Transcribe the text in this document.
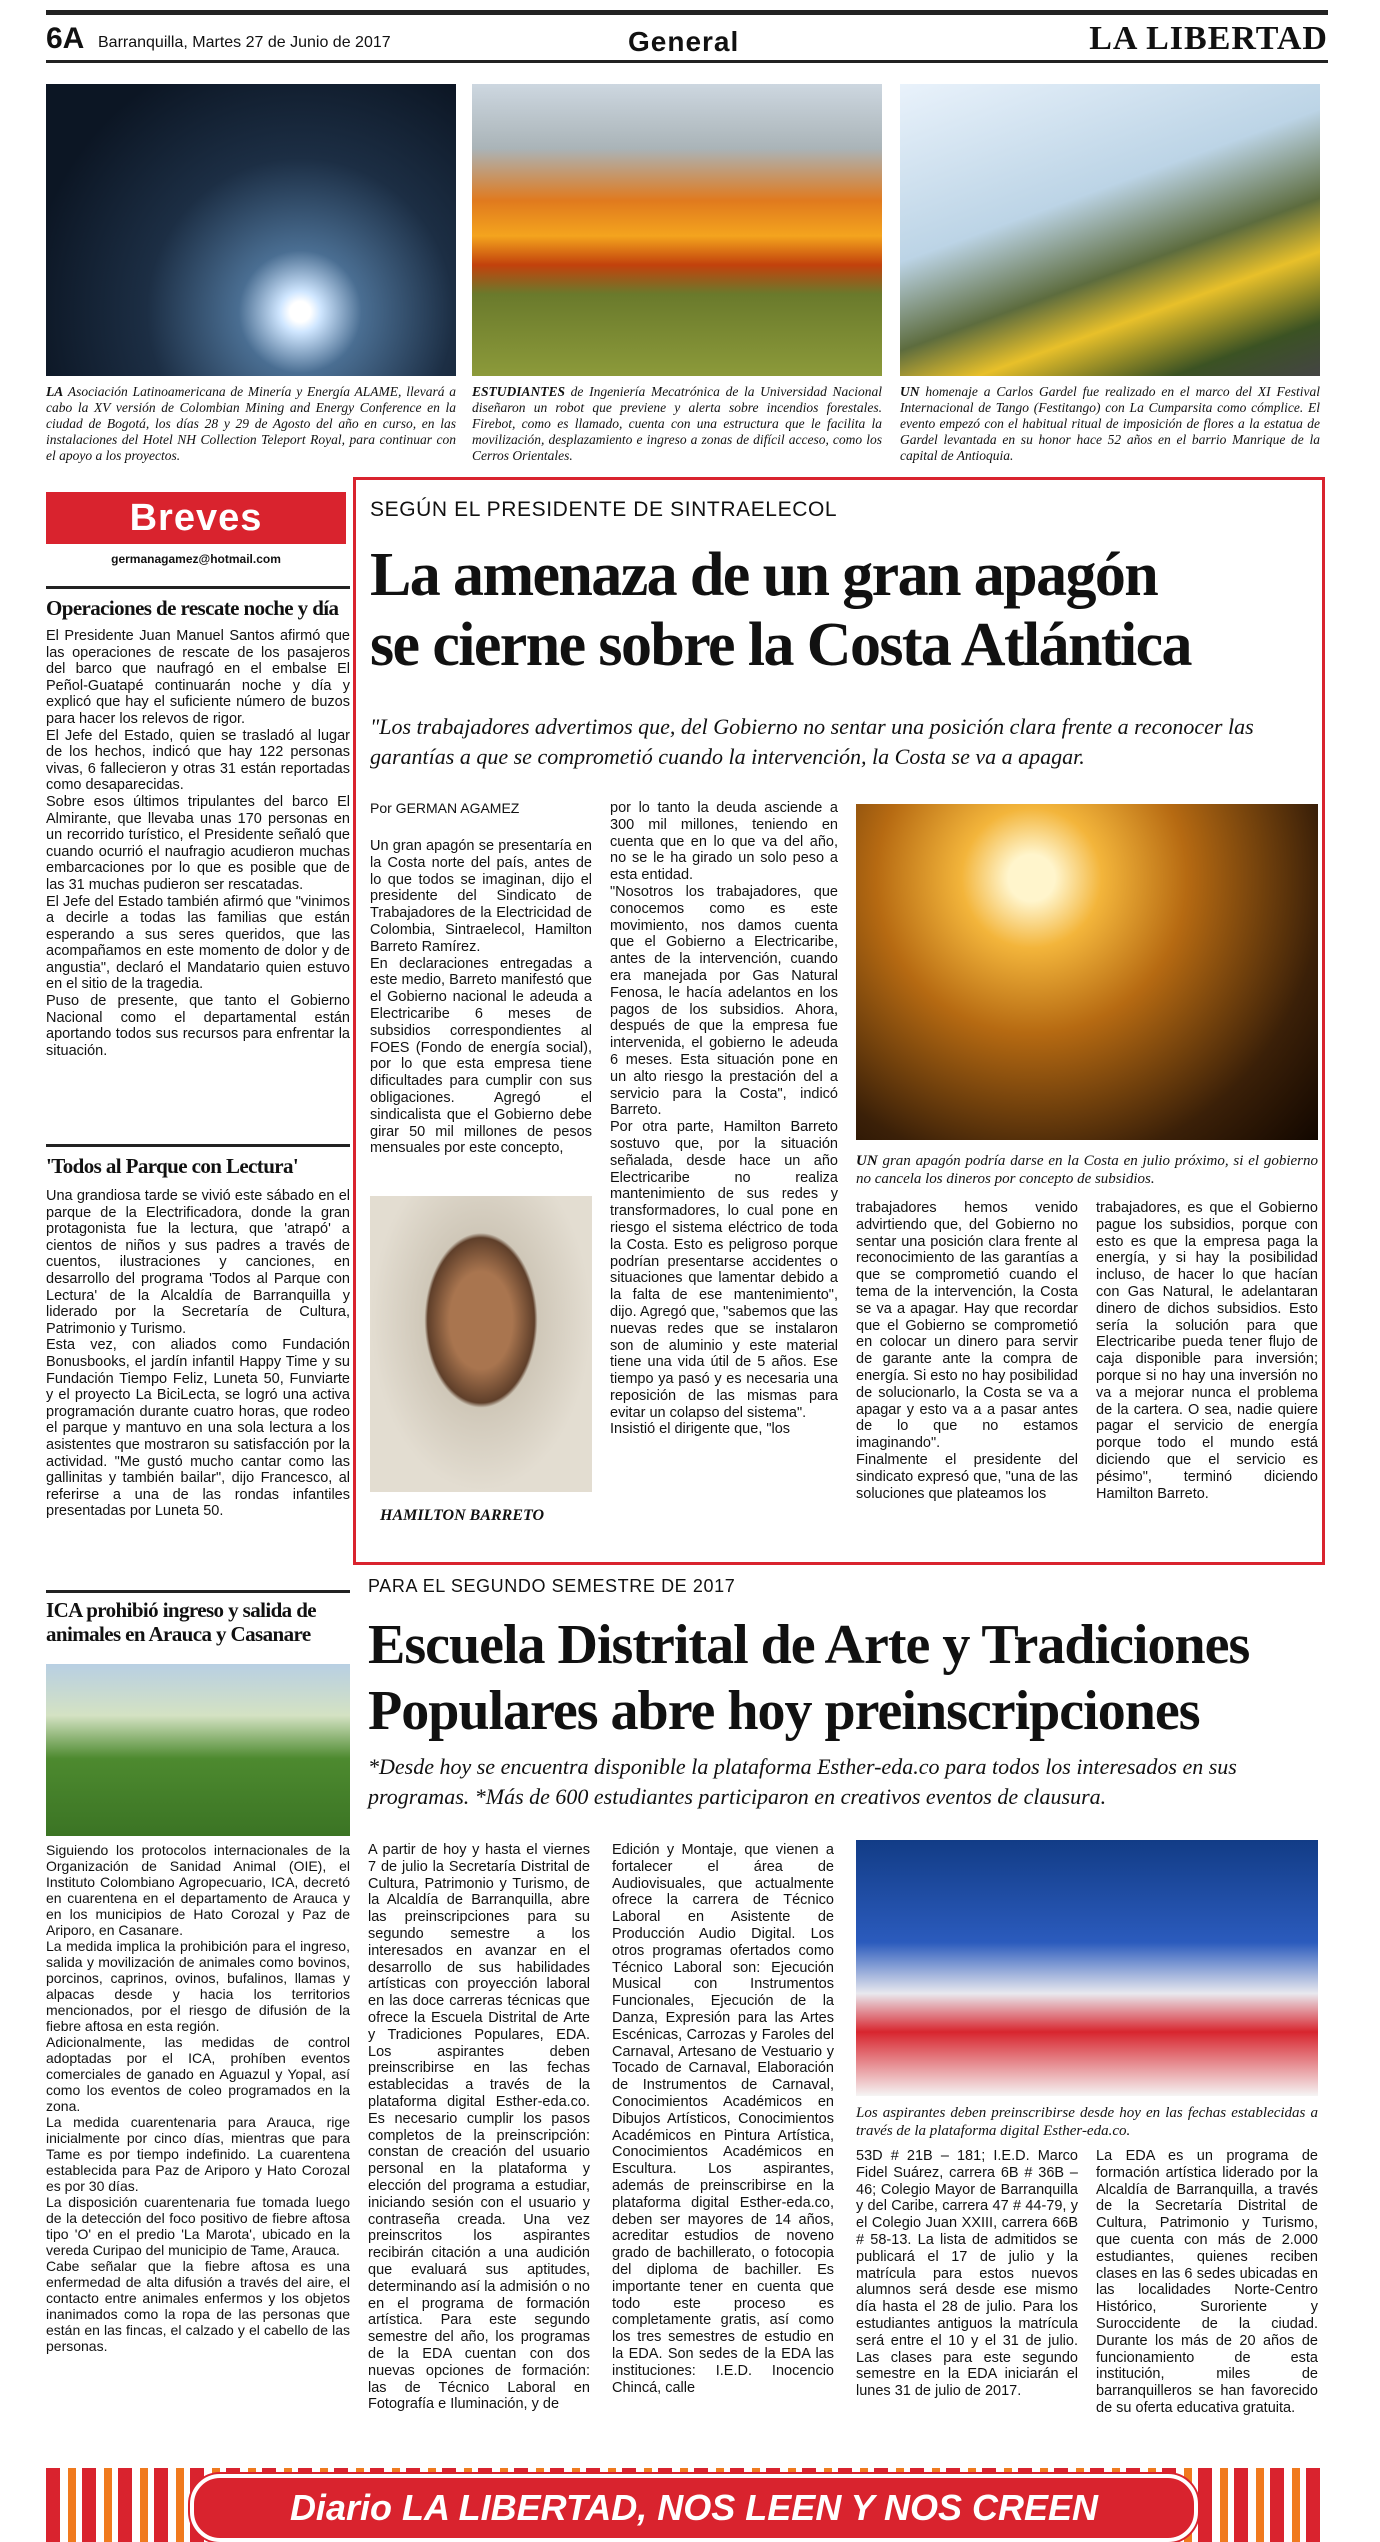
6A Barranquilla, Martes 27 de Junio de 2017	General	LA LIBERTAD
LA Asociación Latinoamericana de Minería y Energía ALAME, llevará a cabo la XV versión de Colombian Mining and Energy Conference en la ciudad de Bogotá, los días 28 y 29 de Agosto del año en curso, en las instalaciones del Hotel NH Collection Teleport Royal, para continuar con el apoyo a los proyectos.
ESTUDIANTES de Ingeniería Mecatrónica de la Universidad Nacional diseñaron un robot que previene y alerta sobre incendios forestales. Firebot, como es llamado, cuenta con una estructura que le facilita la movilización, desplazamiento e ingreso a zonas de difícil acceso, como los Cerros Orientales.
UN homenaje a Carlos Gardel fue realizado en el marco del XI Festival Internacional de Tango (Festitango) con La Cumparsita como cómplice. El evento empezó con el habitual ritual de imposición de flores a la estatua de Gardel levantada en su honor hace 52 años en el barrio Manrique de la capital de Antioquia.
Breves
germanagamez@hotmail.com
Operaciones de rescate noche y día
El Presidente Juan Manuel Santos afirmó que las operaciones de rescate de los pasajeros del barco que naufragó en el embalse El Peñol-Guatapé continuarán noche y día y explicó que hay el suficiente número de buzos para hacer los relevos de rigor.
El Jefe del Estado, quien se trasladó al lugar de los hechos, indicó que hay 122 personas vivas, 6 fallecieron y otras 31 están reportadas como desaparecidas.
Sobre esos últimos tripulantes del barco El Almirante, que llevaba unas 170 personas en un recorrido turístico, el Presidente señaló que cuando ocurrió el naufragio acudieron muchas embarcaciones por lo que es posible que de las 31 muchas pudieron ser rescatadas.
El Jefe del Estado también afirmó que "vinimos a decirle a todas las familias que están esperando a sus seres queridos, que las acompañamos en este momento de dolor y de angustia", declaró el Mandatario quien estuvo en el sitio de la tragedia.
Puso de presente, que tanto el Gobierno Nacional como el departamental están aportando todos sus recursos para enfrentar la situación.
'Todos al Parque con Lectura'
Una grandiosa tarde se vivió este sábado en el parque de la Electrificadora, donde la gran protagonista fue la lectura, que 'atrapó' a cientos de niños y sus padres a través de cuentos, ilustraciones y canciones, en desarrollo del programa 'Todos al Parque con Lectura' de la Alcaldía de Barranquilla y liderado por la Secretaría de Cultura, Patrimonio y Turismo.
Esta vez, con aliados como Fundación Bonusbooks, el jardín infantil Happy Time y su Fundación Tiempo Feliz, Luneta 50, Funviarte y el proyecto La BiciLecta, se logró una activa programación durante cuatro horas, que rodeo el parque y mantuvo en una sola lectura a los asistentes que mostraron su satisfacción por la actividad. "Me gustó mucho cantar como las gallinitas y también bailar", dijo Francesco, al referirse a una de las rondas infantiles presentadas por Luneta 50.
ICA prohibió ingreso y salida de animales en Arauca y Casanare
Siguiendo los protocolos internacionales de la Organización de Sanidad Animal (OIE), el Instituto Colombiano Agropecuario, ICA, decretó en cuarentena en el departamento de Arauca y en los municipios de Hato Corozal y Paz de Ariporo, en Casanare.
La medida implica la prohibición para el ingreso, salida y movilización de animales como bovinos, porcinos, caprinos, ovinos, bufalinos, llamas y alpacas desde y hacia los territorios mencionados, por el riesgo de difusión de la fiebre aftosa en esta región.
Adicionalmente, las medidas de control adoptadas por el ICA, prohíben eventos comerciales de ganado en Aguazul y Yopal, así como los eventos de coleo programados en la zona.
La medida cuarentenaria para Arauca, rige inicialmente por cinco días, mientras que para Tame es por tiempo indefinido. La cuarentena establecida para Paz de Ariporo y Hato Corozal es por 30 días.
La disposición cuarentenaria fue tomada luego de la detección del foco positivo de fiebre aftosa tipo 'O' en el predio 'La Marota', ubicado en la vereda Curipao del municipio de Tame, Arauca.
Cabe señalar que la fiebre aftosa es una enfermedad de alta difusión a través del aire, el contacto entre animales enfermos y los objetos inanimados como la ropa de las personas que están en las fincas, el calzado y el cabello de las personas.
SEGÚN EL PRESIDENTE DE SINTRAELECOL
La amenaza de un gran apagón
se cierne sobre la Costa Atlántica
"Los trabajadores advertimos que, del Gobierno no sentar una posición clara frente a reconocer las garantías a que se comprometió cuando la intervención, la Costa se va a apagar.
Por GERMAN AGAMEZ
Un gran apagón se presentaría en la Costa norte del país, antes de lo que todos se imaginan, dijo el presidente del Sindicato de Trabajadores de la Electricidad de Colombia, Sintraelecol, Hamilton Barreto Ramírez.
En declaraciones entregadas a este medio, Barreto manifestó que el Gobierno nacional le adeuda a Electricaribe 6 meses de subsidios correspondientes al FOES (Fondo de energía social), por lo que esta empresa tiene dificultades para cumplir con sus obligaciones. Agregó el sindicalista que el Gobierno debe girar 50 mil millones de pesos mensuales por este concepto,
HAMILTON BARRETO
por lo tanto la deuda asciende a 300 mil millones, teniendo en cuenta que en lo que va del año, no se le ha girado un solo peso a esta entidad.
"Nosotros los trabajadores, que conocemos como es este movimiento, nos damos cuenta que el Gobierno a Electricaribe, antes de la intervención, cuando era manejada por Gas Natural Fenosa, le hacía adelantos en los pagos de los subsidios. Ahora, después de que la empresa fue intervenida, el gobierno le adeuda 6 meses. Esta situación pone en un alto riesgo la prestación del a servicio para la Costa", indicó Barreto.
Por otra parte, Hamilton Barreto sostuvo que, por la situación señalada, desde hace un año Electricaribe no realiza mantenimiento de sus redes y transformadores, lo cual pone en riesgo el sistema eléctrico de toda la Costa. Esto es peligroso porque podrían presentarse accidentes o situaciones que lamentar debido a la falta de ese mantenimiento", dijo. Agregó que, "sabemos que las nuevas redes que se instalaron son de aluminio y este material tiene una vida útil de 5 años. Ese tiempo ya pasó y es necesaria una reposición de las mismas para evitar un colapso del sistema".
Insistió el dirigente que, "los
UN gran apagón podría darse en la Costa en julio próximo, si el gobierno no cancela los dineros por concepto de subsidios.
trabajadores hemos venido advirtiendo que, del Gobierno no sentar una posición clara frente al reconocimiento de las garantías a que se comprometió cuando el tema de la intervención, la Costa se va a apagar. Hay que recordar que el Gobierno se comprometió en colocar un dinero para servir de garante ante la compra de energía. Si esto no hay posibilidad de solucionarlo, la Costa se va a apagar y esto va a a pasar antes de lo que no estamos imaginando".
Finalmente el presidente del sindicato expresó que, "una de las soluciones que plateamos los
trabajadores, es que el Gobierno pague los subsidios, porque con esto es que la empresa paga la energía, y si hay la posibilidad incluso, de hacer lo que hacían con Gas Natural, le adelantaran dinero de dichos subsidios. Esto sería la solución para que Electricaribe pueda tener flujo de caja disponible para inversión; porque si no hay una inversión no va a mejorar nunca el problema de la cartera. O sea, nadie quiere pagar el servicio de energía porque todo el mundo está diciendo que el servicio es pésimo", terminó diciendo Hamilton Barreto.
PARA EL SEGUNDO SEMESTRE DE 2017
Escuela Distrital de Arte y Tradiciones
Populares abre hoy preinscripciones
*Desde hoy se encuentra disponible la plataforma Esther-eda.co para todos los interesados en sus programas. *Más de 600 estudiantes participaron en creativos eventos de clausura.
A partir de hoy y hasta el viernes 7 de julio la Secretaría Distrital de Cultura, Patrimonio y Turismo, de la Alcaldía de Barranquilla, abre las preinscripciones para su segundo semestre a los interesados en avanzar en el desarrollo de sus habilidades artísticas con proyección laboral en las doce carreras técnicas que ofrece la Escuela Distrital de Arte y Tradiciones Populares, EDA. Los aspirantes deben preinscribirse en las fechas establecidas a través de la plataforma digital Esther-eda.co. Es necesario cumplir los pasos completos de la preinscripción: constan de creación del usuario personal en la plataforma y elección del programa a estudiar, iniciando sesión con el usuario y contraseña creada. Una vez preinscritos los aspirantes recibirán citación a una audición que evaluará sus aptitudes, determinando así la admisión o no en el programa de formación artística. Para este segundo semestre del año, los programas de la EDA cuentan con dos nuevas opciones de formación: las de Técnico Laboral en Fotografía e Iluminación, y de
Edición y Montaje, que vienen a fortalecer el área de Audiovisuales, que actualmente ofrece la carrera de Técnico Laboral en Asistente de Producción Audio Digital. Los otros programas ofertados como Técnico Laboral son: Ejecución Musical con Instrumentos Funcionales, Ejecución de la Danza, Expresión para las Artes Escénicas, Carrozas y Faroles del Carnaval, Artesano de Vestuario y Tocado de Carnaval, Elaboración de Instrumentos de Carnaval, Conocimientos Académicos en Dibujos Artísticos, Conocimientos Académicos en Pintura Artística, Conocimientos Académicos en Escultura. Los aspirantes, además de preinscribirse en la plataforma digital Esther-eda.co, deben ser mayores de 14 años, acreditar estudios de noveno grado de bachillerato, o fotocopia del diploma de bachiller. Es importante tener en cuenta que todo este proceso es completamente gratis, así como los tres semestres de estudio en la EDA. Son sedes de la EDA las instituciones: I.E.D. Inocencio Chincá, calle
Los aspirantes deben preinscribirse desde hoy en las fechas establecidas a través de la plataforma digital Esther-eda.co.
53D # 21B – 181; I.E.D. Marco Fidel Suárez, carrera 6B # 36B – 46; Colegio Mayor de Barranquilla y del Caribe, carrera 47 # 44-79, y el Colegio Juan XXIII, carrera 66B # 58-13. La lista de admitidos se publicará el 17 de julio y la matrícula para estos nuevos alumnos será desde ese mismo día hasta el 28 de julio. Para los estudiantes antiguos la matrícula será entre el 10 y el 31 de julio. Las clases para este segundo semestre en la EDA iniciarán el lunes 31 de julio de 2017.
La EDA es un programa de formación artística liderado por la Alcaldía de Barranquilla, a través de la Secretaría Distrital de Cultura, Patrimonio y Turismo, que cuenta con más de 2.000 estudiantes, quienes reciben clases en las 6 sedes ubicadas en las localidades Norte-Centro Histórico, Suroriente y Suroccidente de la ciudad. Durante los más de 20 años de funcionamiento de esta institución, miles de barranquilleros se han favorecido de su oferta educativa gratuita.
Diario LA LIBERTAD, NOS LEEN Y NOS CREEN
